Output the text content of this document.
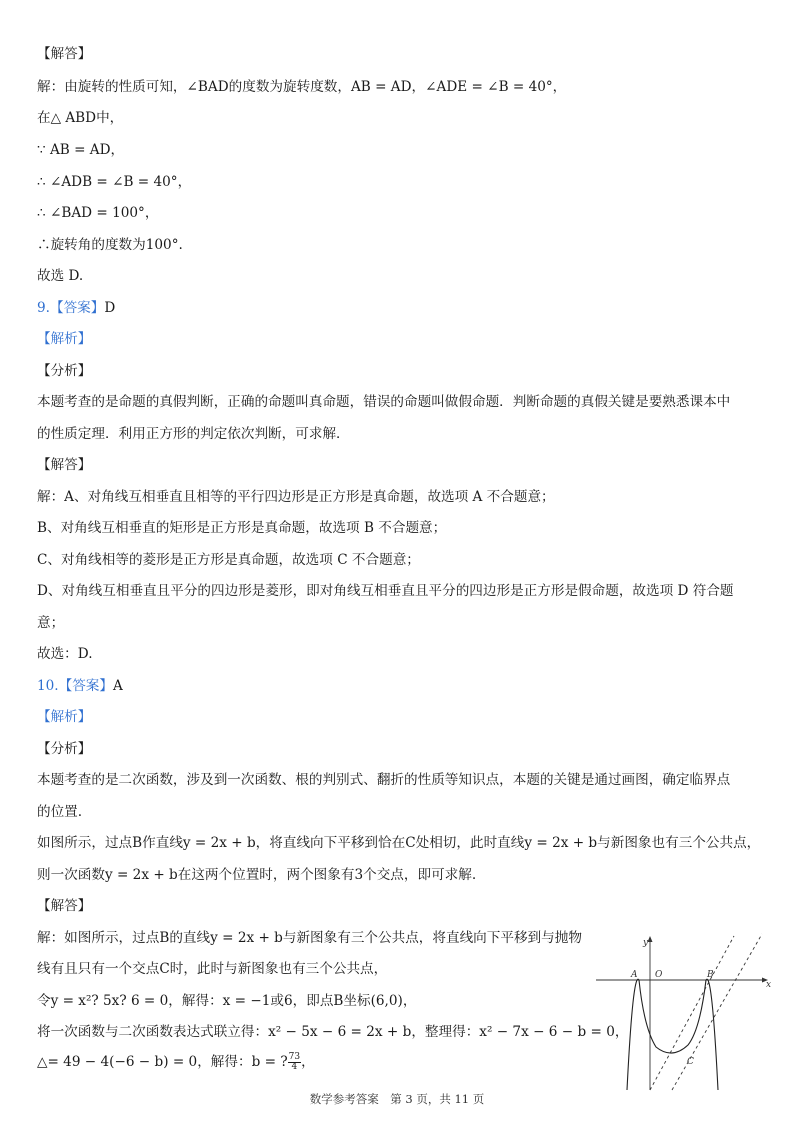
【解答】
解：由旋转的性质可知，∠BAD的度数为旋转度数，AB = AD，∠ADE = ∠B = 40°，
在△ ABD中，
∵ AB = AD，
∴ ∠ADB = ∠B = 40°，
∴ ∠BAD = 100°，
∴旋转角的度数为100°.
故选 D.
9.【答案】D
【解析】
【分析】
本题考查的是命题的真假判断，正确的命题叫真命题，错误的命题叫做假命题．判断命题的真假关键是要熟悉课本中
的性质定理．利用正方形的判定依次判断，可求解．
【解答】
解：A、对角线互相垂直且相等的平行四边形是正方形是真命题，故选项 A 不合题意；
B、对角线互相垂直的矩形是正方形是真命题，故选项 B 不合题意；
C、对角线相等的菱形是正方形是真命题，故选项 C 不合题意；
D、对角线互相垂直且平分的四边形是菱形，即对角线互相垂直且平分的四边形是正方形是假命题，故选项 D 符合题
意；
故选：D.
10.【答案】A
【解析】
【分析】
本题考查的是二次函数，涉及到一次函数、根的判别式、翻折的性质等知识点，本题的关键是通过画图，确定临界点
的位置.
如图所示，过点B作直线y = 2x + b，将直线向下平移到恰在C处相切，此时直线y = 2x + b与新图象也有三个公共点，
则一次函数y = 2x + b在这两个位置时，两个图象有3个交点，即可求解.
【解答】
解：如图所示，过点B的直线y = 2x + b与新图象有三个公共点，将直线向下平移到与抛物
线有且只有一个交点C时，此时与新图象也有三个公共点，
令y = x²? 5x? 6 = 0，解得：x = −1或6，即点B坐标(6,0)，
将一次函数与二次函数表达式联立得：x² − 5x − 6 = 2x + b，整理得：x² − 7x − 6 − b = 0，
△= 49 − 4(−6 − b) = 0，解得：b = ? $\frac{73}{4}$ ，
y
x
A O	B
C
数学参考答案　第 3 页，共 11 页
